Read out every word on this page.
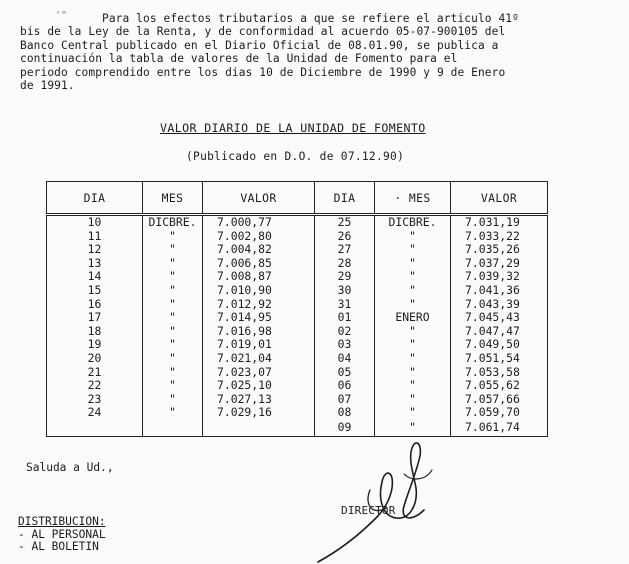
'"	Para los efectos tributarios a que se refiere el articulo 41º

bis de la Ley de la Renta, y de conformidad al acuerdo 05-07-900105 del

Banco Central publicado en el Diario Oficial de 08.01.90, se publica a

continuación la tabla de valores de la Unidad de Fomento para el

periodo comprendido entre los dias 10 de Diciembre de 1990 y 9 de Enero

de 1991.

VALOR DIARIO DE LA UNIDAD DE FOMENTO
(Publicado en D.O. de 07.12.90)
DIA	MES	VALOR	DIA	· MES	VALOR
10	DICBRE.	7.000,77	25	DICBRE.	7.031,19
11	"	7.002,80	26	"	7.033,22
12	"	7.004,82	27	"	7.035,26
13	"	7.006,85	28	"	7.037,29
14	"	7.008,87	29	"	7.039,32
15	"	7.010,90	30	"	7.041,36
16	"	7.012,92	31	"	7.043,39
17	"	7.014,95	01	ENERO	7.045,43
18	"	7.016,98	02	"	7.047,47
19	"	7.019,01	03	"	7.049,50
20	"	7.021,04	04	"	7.051,54
21	"	7.023,07	05	"	7.053,58
22	"	7.025,10	06	"	7.055,62
23	"	7.027,13	07	"	7.057,66
24	"	7.029,16	08	"	7.059,70
			09	"	7.061,74
Saluda a Ud.,
DIRECTOR
DISTRIBUCION:
- AL PERSONAL
- AL BOLETIN
